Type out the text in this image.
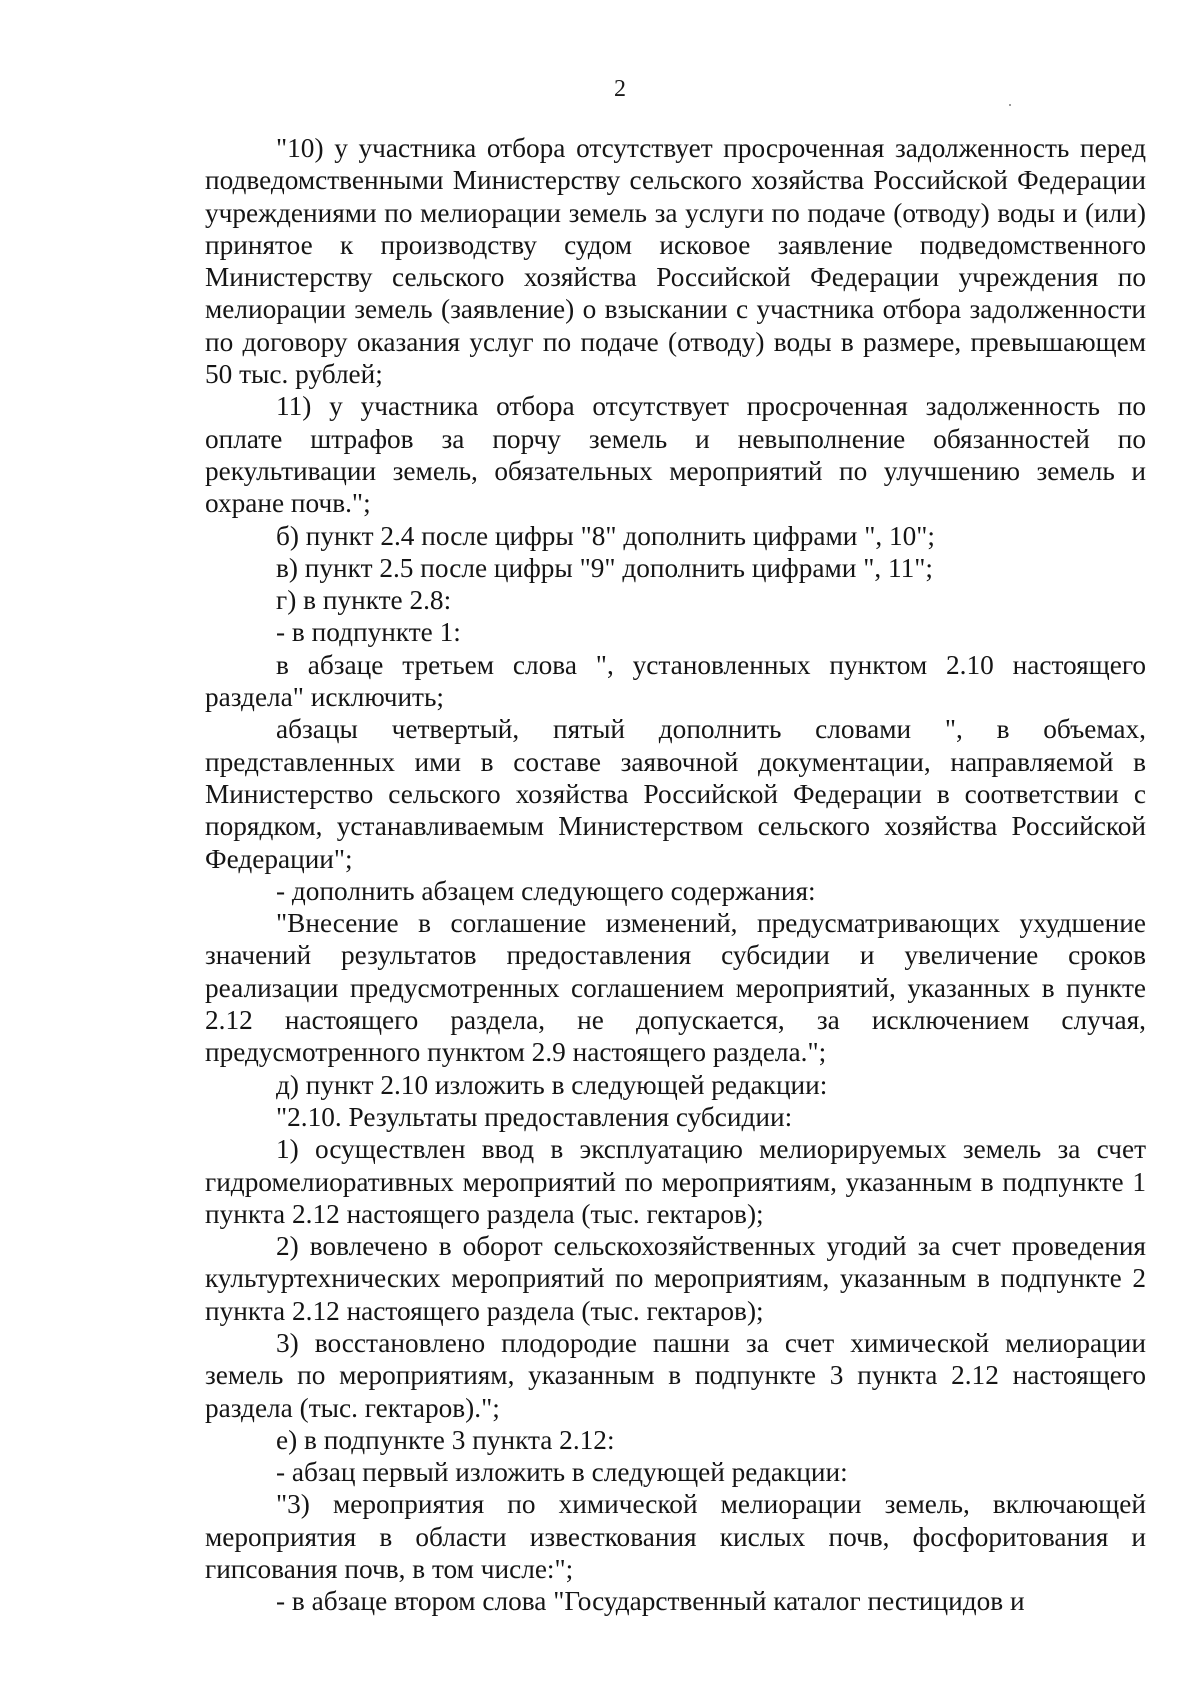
2

"10) у участника отбора отсутствует просроченная задолженность перед подведомственными Министерству сельского хозяйства Российской Федерации учреждениями по мелиорации земель за услуги по подаче (отводу) воды и (или) принятое к производству судом исковое заявление подведомственного Министерству сельского хозяйства Российской Федерации учреждения по мелиорации земель (заявление) о взыскании с участника отбора задолженности по договору оказания услуг по подаче (отводу) воды в размере, превышающем 50 тыс. рублей;

11) у участника отбора отсутствует просроченная задолженность по оплате штрафов за порчу земель и невыполнение обязанностей по рекультивации земель, обязательных мероприятий по улучшению земель и охране почв.";

б) пункт 2.4 после цифры "8" дополнить цифрами ", 10";

в) пункт 2.5 после цифры "9" дополнить цифрами ", 11";

г) в пункте 2.8:

- в подпункте 1:

в абзаце третьем слова ", установленных пунктом 2.10 настоящего раздела" исключить;

абзацы четвертый, пятый дополнить словами ", в объемах, представленных ими в составе заявочной документации, направляемой в Министерство сельского хозяйства Российской Федерации в соответствии с порядком, устанавливаемым Министерством сельского хозяйства Российской Федерации";

- дополнить абзацем следующего содержания:

"Внесение в соглашение изменений, предусматривающих ухудшение значений результатов предоставления субсидии и увеличение сроков реализации предусмотренных соглашением мероприятий, указанных в пункте 2.12 настоящего раздела, не допускается, за исключением случая, предусмотренного пунктом 2.9 настоящего раздела.";

д) пункт 2.10 изложить в следующей редакции:

"2.10. Результаты предоставления субсидии:

1) осуществлен ввод в эксплуатацию мелиорируемых земель за счет гидромелиоративных мероприятий по мероприятиям, указанным в подпункте 1 пункта 2.12 настоящего раздела (тыс. гектаров);

2) вовлечено в оборот сельскохозяйственных угодий за счет проведения культуртехнических мероприятий по мероприятиям, указанным в подпункте 2 пункта 2.12 настоящего раздела (тыс. гектаров);

3) восстановлено плодородие пашни за счет химической мелиорации земель по мероприятиям, указанным в подпункте 3 пункта 2.12 настоящего раздела (тыс. гектаров).";

е) в подпункте 3 пункта 2.12:

- абзац первый изложить в следующей редакции:

"3) мероприятия по химической мелиорации земель, включающей мероприятия в области известкования кислых почв, фосфоритования и гипсования почв, в том числе:";

- в абзаце втором слова "Государственный каталог пестицидов и
